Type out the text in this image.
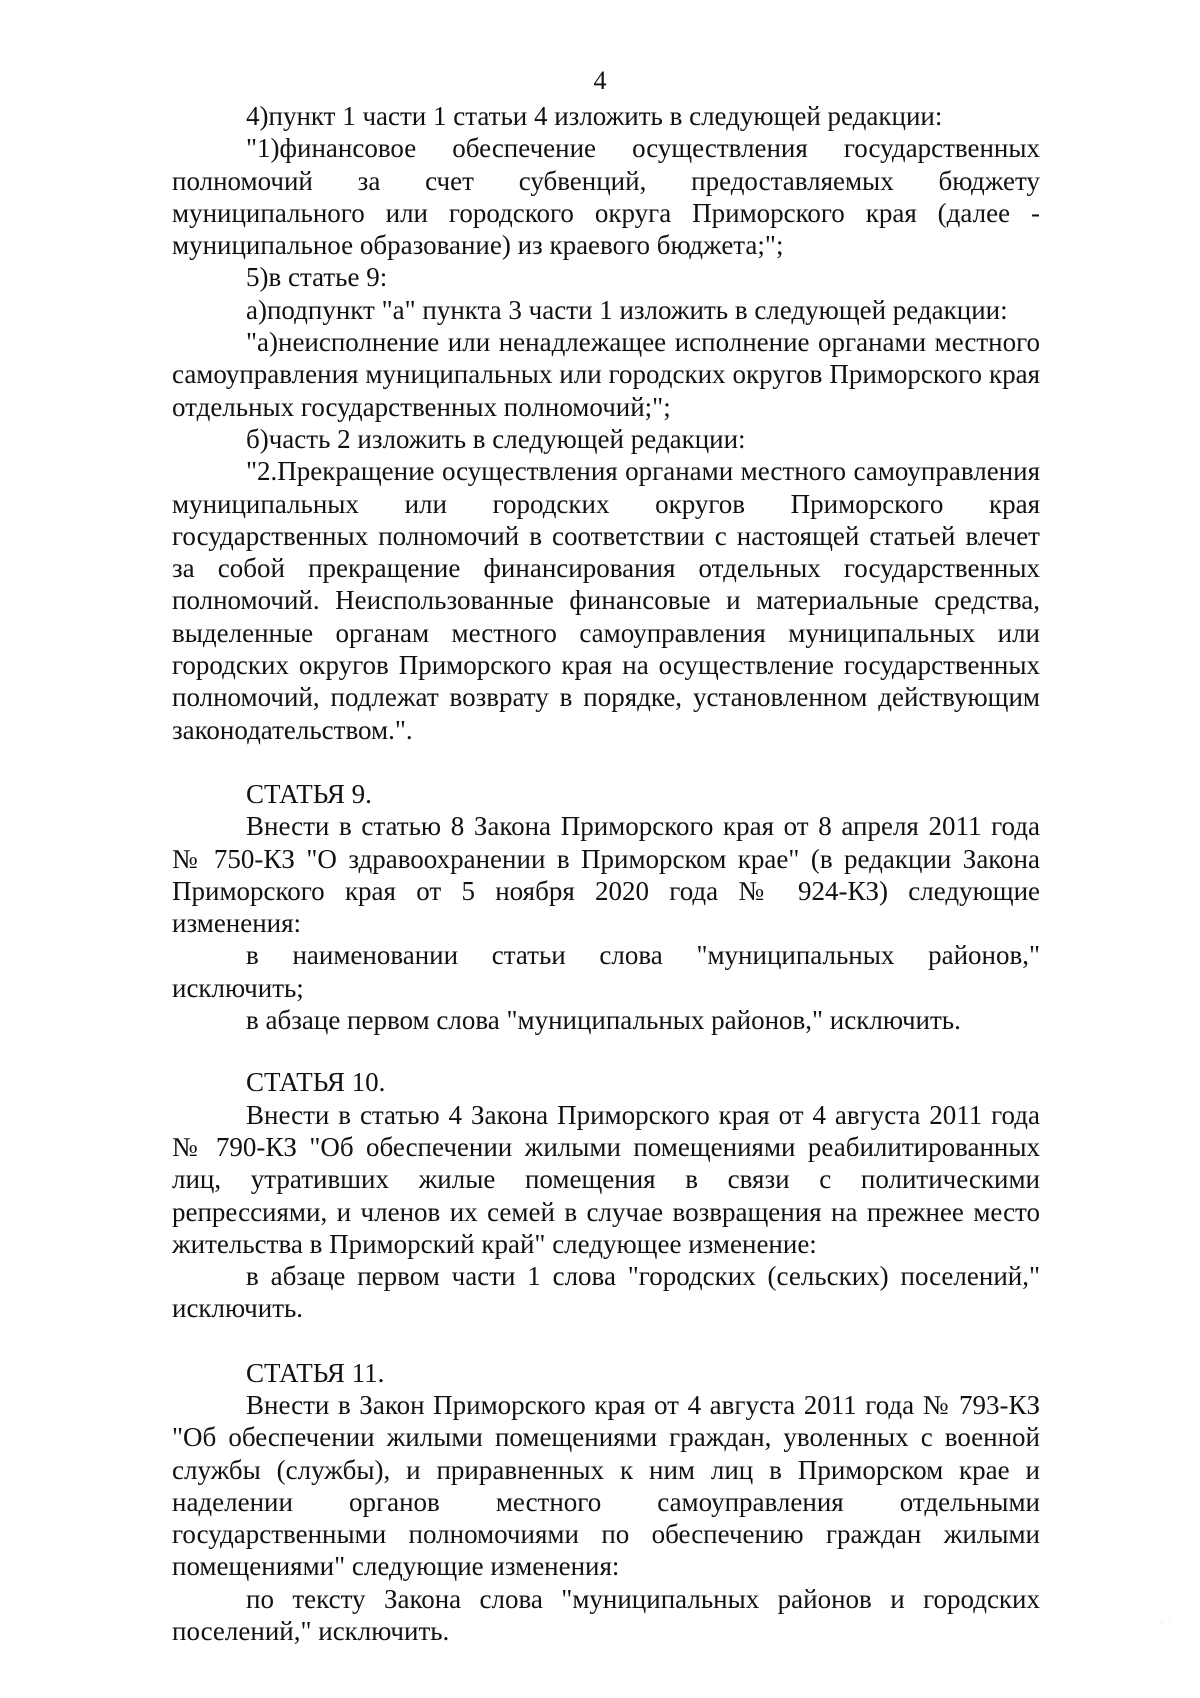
4

4)пункт 1 части 1 статьи 4 изложить в следующей редакции:

"1)финансовое обеспечение осуществления государственных полномочий за счет субвенций, предоставляемых бюджету муниципального или городского округа Приморского края (далее - муниципальное образование) из краевого бюджета;";

5)в статье 9:

а)подпункт "а" пункта 3 части 1 изложить в следующей редакции:

"а)неисполнение или ненадлежащее исполнение органами местного самоуправления муниципальных или городских округов Приморского края отдельных государственных полномочий;";

б)часть 2 изложить в следующей редакции:

"2.Прекращение осуществления органами местного самоуправления муниципальных или городских округов Приморского края государственных полномочий в соответствии с настоящей статьей влечет за собой прекращение финансирования отдельных государственных полномочий. Неиспользованные финансовые и материальные средства, выделенные органам местного самоуправления муниципальных или городских округов Приморского края на осуществление государственных полномочий, подлежат возврату в порядке, установленном действующим законодательством.".

СТАТЬЯ 9.

Внести в статью 8 Закона Приморского края от 8 апреля 2011 года № 750-КЗ "О здравоохранении в Приморском крае" (в редакции Закона Приморского края от 5 ноября 2020 года № 924-КЗ) следующие изменения:

в наименовании статьи слова "муниципальных районов," исключить;

в абзаце первом слова "муниципальных районов," исключить.

СТАТЬЯ 10.

Внести в статью 4 Закона Приморского края от 4 августа 2011 года № 790-КЗ "Об обеспечении жилыми помещениями реабилитированных лиц, утративших жилые помещения в связи с политическими репрессиями, и членов их семей в случае возвращения на прежнее место жительства в Приморский край" следующее изменение:

в абзаце первом части 1 слова "городских (сельских) поселений," исключить.

СТАТЬЯ 11.

Внести в Закон Приморского края от 4 августа 2011 года № 793-КЗ "Об обеспечении жилыми помещениями граждан, уволенных с военной службы (службы), и приравненных к ним лиц в Приморском крае и наделении органов местного самоуправления отдельными государственными полномочиями по обеспечению граждан жилыми помещениями" следующие изменения:

по тексту Закона слова "муниципальных районов и городских поселений," исключить.	· ·
